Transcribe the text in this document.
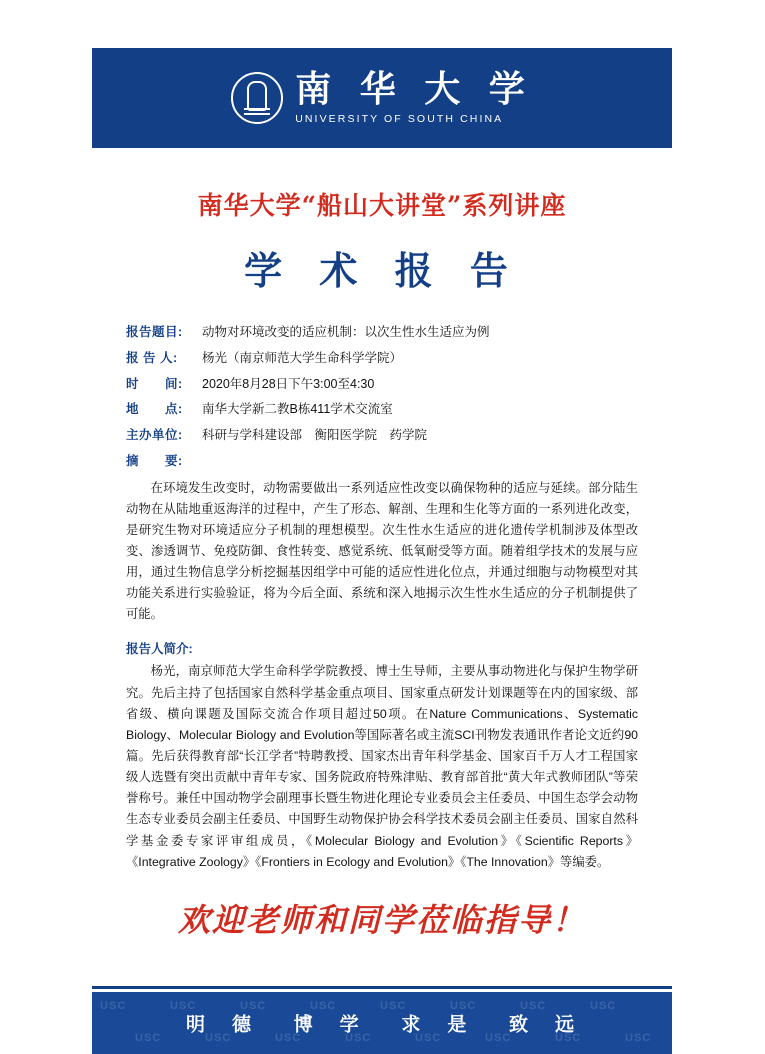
南 华 大 学
UNIVERSITY OF SOUTH CHINA
南华大学“船山大讲堂”系列讲座
学 术 报 告
报告题目:	动物对环境改变的适应机制：以次生性水生适应为例
报 告 人:	杨光（南京师范大学生命科学学院）
时　　间:	2020年8月28日下午3:00至4:30
地　　点:	南华大学新二教B栋411学术交流室
主办单位:	科研与学科建设部　衡阳医学院　药学院
摘　　要:

在环境发生改变时，动物需要做出一系列适应性改变以确保物种的适应与延续。部分陆生动物在从陆地重返海洋的过程中，产生了形态、解剖、生理和生化等方面的一系列进化改变，是研究生物对环境适应分子机制的理想模型。次生性水生适应的进化遗传学机制涉及体型改变、渗透调节、免疫防御、食性转变、感觉系统、低氧耐受等方面。随着组学技术的发展与应用，通过生物信息学分析挖掘基因组学中可能的适应性进化位点，并通过细胞与动物模型对其功能关系进行实验验证，将为今后全面、系统和深入地揭示次生性水生适应的分子机制提供了可能。

报告人简介:

杨光，南京师范大学生命科学学院教授、博士生导师，主要从事动物进化与保护生物学研究。先后主持了包括国家自然科学基金重点项目、国家重点研发计划课题等在内的国家级、部省级、横向课题及国际交流合作项目超过50项。在Nature Communications、Systematic Biology、Molecular Biology and Evolution等国际著名或主流SCI刊物发表通讯作者论文近约90篇。先后获得教育部“长江学者”特聘教授、国家杰出青年科学基金、国家百千万人才工程国家级人选暨有突出贡献中青年专家、国务院政府特殊津贴、教育部首批“黄大年式教师团队”等荣誉称号。兼任中国动物学会副理事长暨生物进化理论专业委员会主任委员、中国生态学会动物生态专业委员会副主任委员、中国野生动物保护协会科学技术委员会副主任委员、国家自然科学基金委专家评审组成员，《Molecular Biology and Evolution》《Scientific Reports》《Integrative Zoology》《Frontiers in Ecology and Evolution》《The Innovation》等编委。

欢迎老师和同学莅临指导！
USC	USC	USC	USC	USC	USC	USC	USC
USC	USC	USC	USC	USC	USC	USC	USC
明　德 博　学 求　是 致　远
